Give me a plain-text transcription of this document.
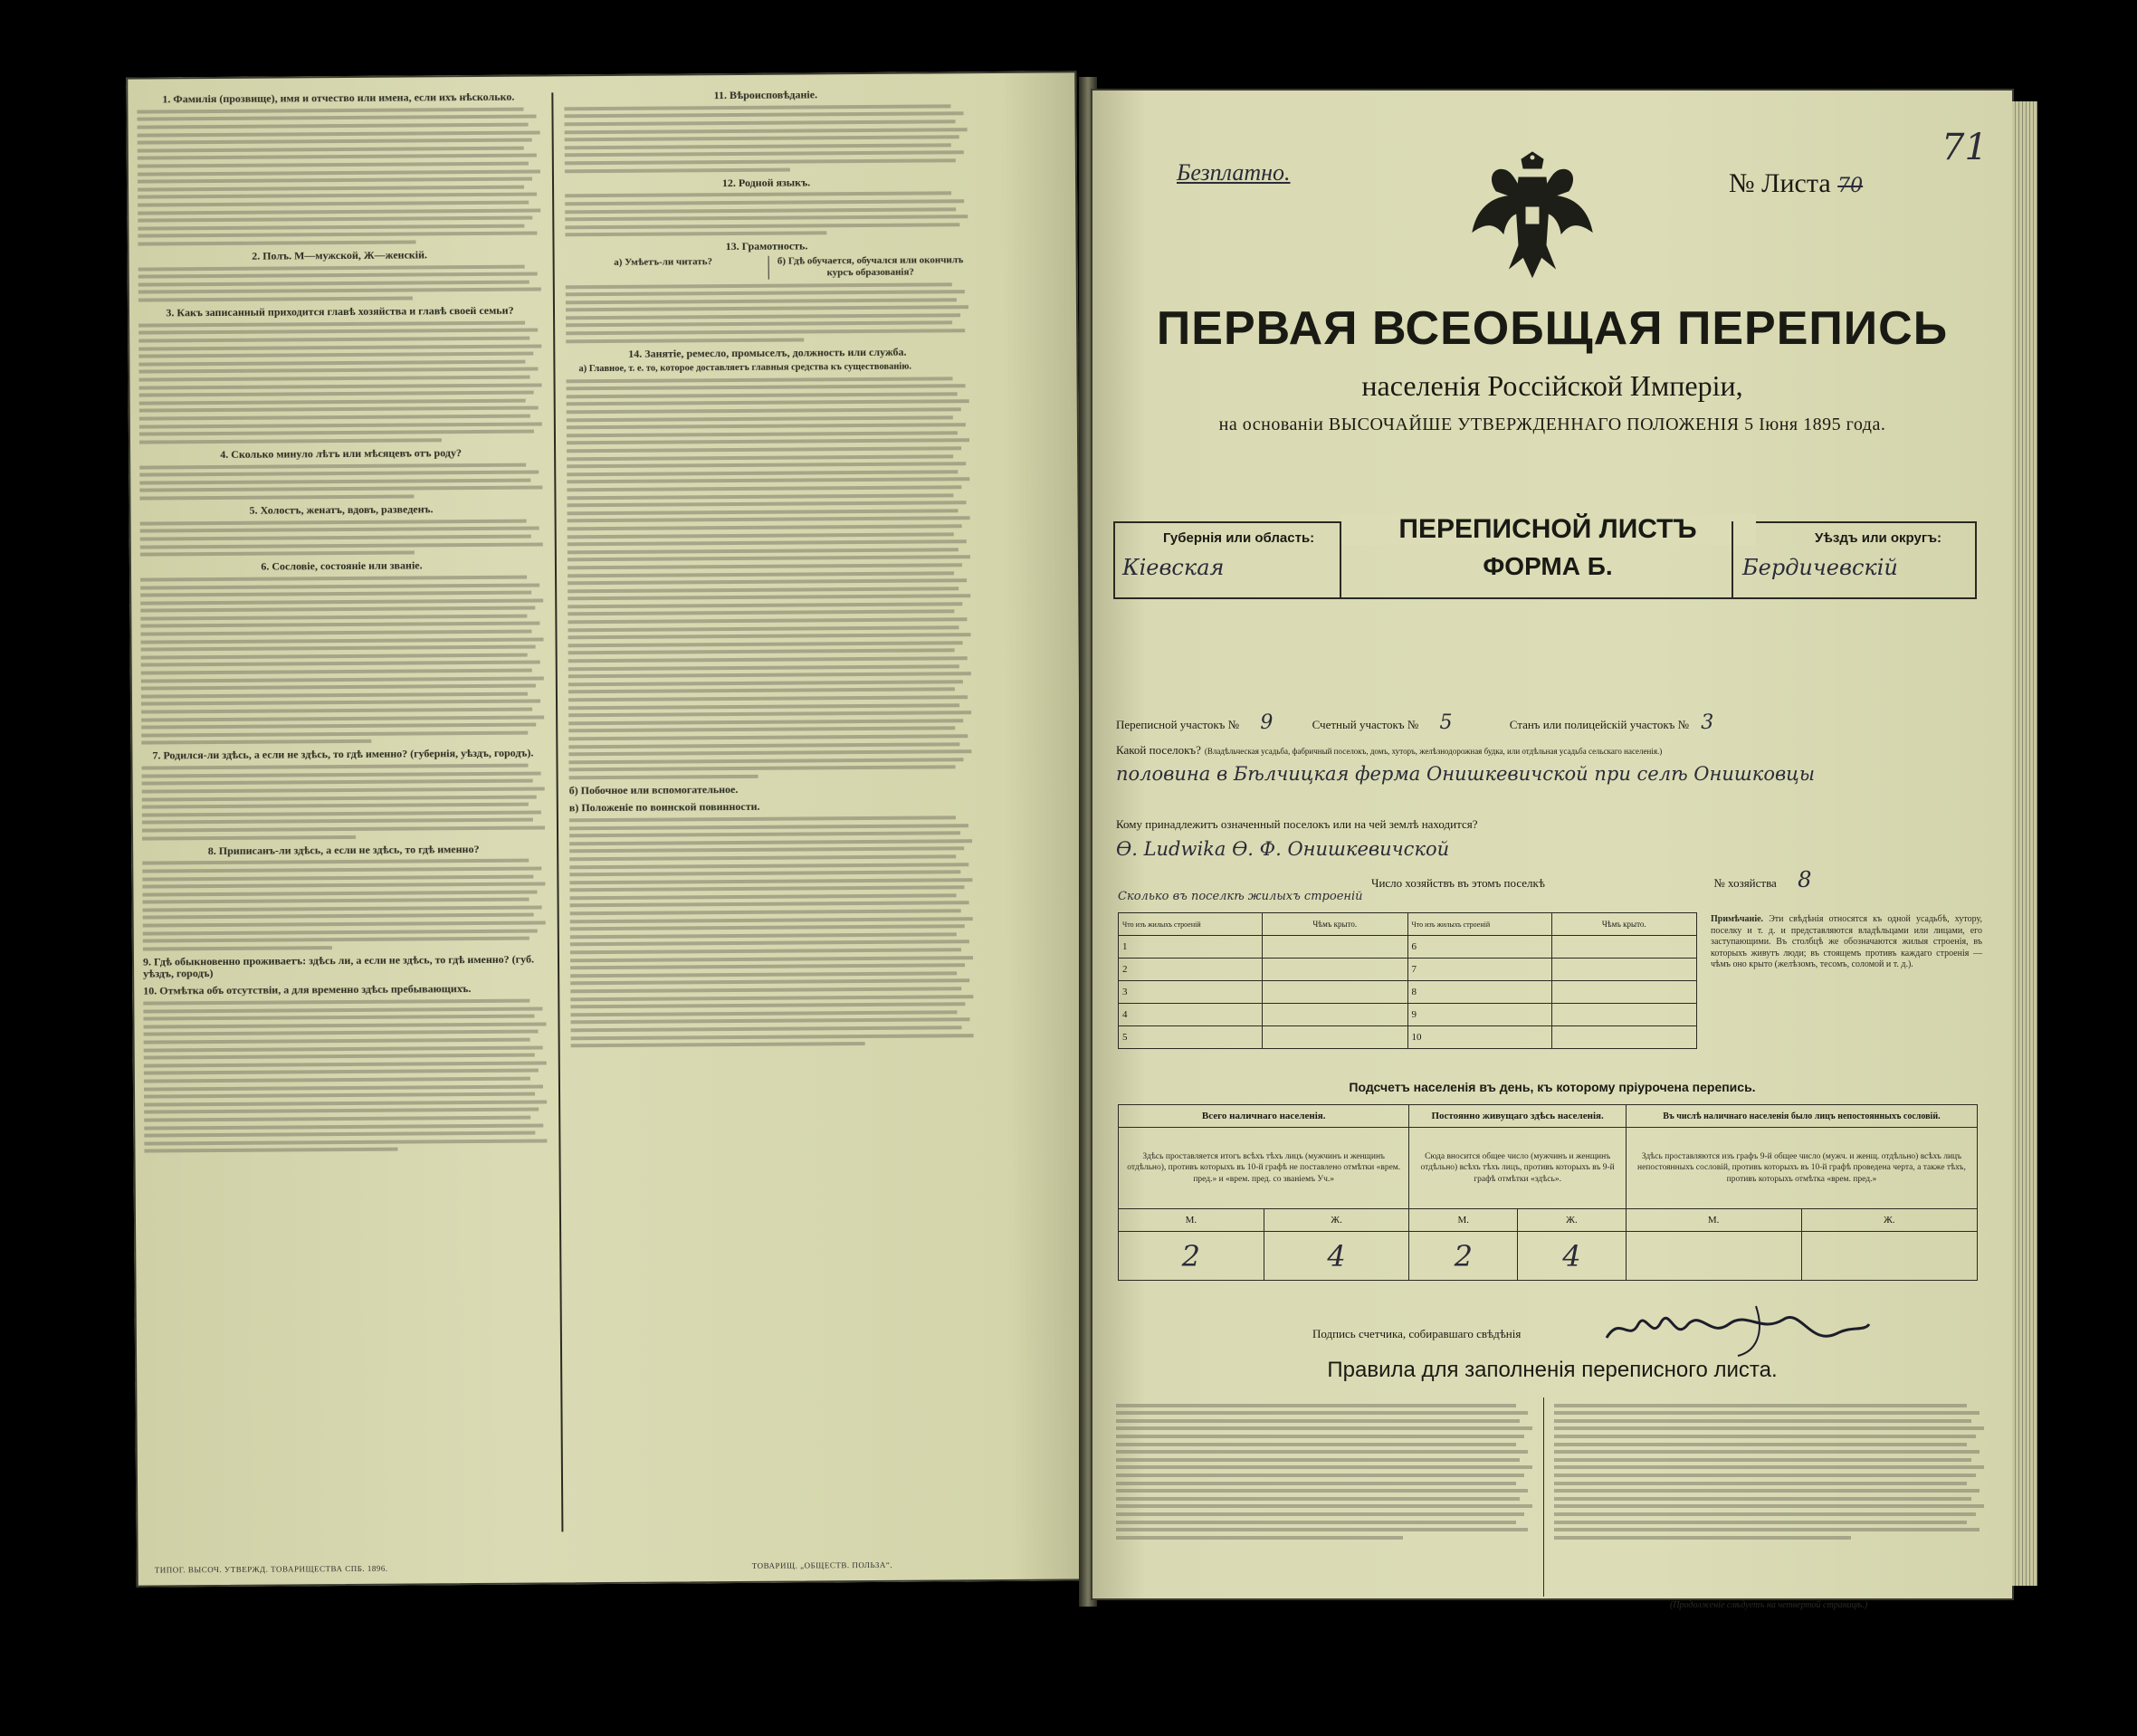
1. Фамилія (прозвище), имя и отчество или имена, если ихъ нѣсколько.

2. Полъ. М—мужской, Ж—женскій.

3. Какъ записанный приходится главѣ хозяйства и главѣ своей семьи?

4. Сколько минуло лѣтъ или мѣсяцевъ отъ роду?

5. Холостъ, женатъ, вдовъ, разведенъ.

6. Сословіе, состояніе или званіе.

7. Родился-ли здѣсь, а если не здѣсь, то гдѣ именно? (губернія, уѣздъ, городъ).

8. Приписанъ-ли здѣсь, а если не здѣсь, то гдѣ именно?

9. Гдѣ обыкновенно проживаетъ: здѣсь ли, а если не здѣсь, то гдѣ именно? (губ. уѣздъ, городъ)
10. Отмѣтка объ отсутствіи, а для временно здѣсь пребывающихъ.

11. Вѣроисповѣданіе.

12. Родной языкъ.

13. Грамотность.
а) Умѣетъ-ли читать?	б) Гдѣ обучается, обучался или окончилъ курсъ образованія?

14. Занятіе, ремесло, промыселъ, должность или служба.

а) Главное, т. е. то, которое доставляетъ главныя средства къ существованію.

б) Побочное или вспомогательное.
в) Положеніе по воинской повинности.

ТИПОГ. ВЫСОЧ. УТВЕРЖД. ТОВАРИЩЕСТВА СПБ. 1896.	ТОВАРИЩ. „ОБЩЕСТВ. ПОЛЬЗА“.
Безплатно.	№ Листа 70
71
ПЕРВАЯ ВСЕОБЩАЯ ПЕРЕПИСЬ
населенія Россійской Имперіи,
на основаніи ВЫСОЧАЙШЕ УТВЕРЖДЕННАГО ПОЛОЖЕНІЯ 5 Іюня 1895 года.
Губернія или область:
Кіевская
ПЕРЕПИСНОЙ ЛИСТЪ
ФОРМА Б.
Уѣздъ или округъ:
Бердичевскій
Переписной участокъ № 9	Счетный участокъ № 5	Станъ или полицейскій участокъ № 3
Какой поселокъ? (Владѣльческая усадьба, фабричный поселокъ, домъ, хуторъ, желѣзнодорожная будка, или отдѣльная усадьба сельскаго населенія.)
половина в Бѣлчицкая ферма Онишкевичской при селѣ Онишковцы
Кому принадлежитъ означенный поселокъ или на чей землѣ находится?
Ѳ. Ludwika Ѳ. Ф. Онишкевичской
Число хозяйствъ въ этомъ поселкѣ	№ хозяйства 8
Сколько въ поселкѣ жилыхъ строеній
Что изъ жилыхъ строеній	Чѣмъ крыто.	Что изъ жилыхъ строеній	Чѣмъ крыто.
1		6	
2		7	
3		8	
4		9	
5		10	
Примѣчаніе. Эти свѣдѣнія относятся къ одной усадьбѣ, хутору, поселку и т. д. и представляются владѣльцами или лицами, его заступающими. Въ столбцѣ же обозначаются жилыя строенія, въ которыхъ живутъ люди; въ стоящемъ противъ каждаго строенія — чѣмъ оно крыто (желѣзомъ, тесомъ, соломой и т. д.).
Подсчетъ населенія въ день, къ которому пріурочена перепись.
Всего наличнаго населенія.		Постоянно живущаго здѣсь населенія.		Въ числѣ наличнаго населенія было лицъ непостоянныхъ сословій.	
Здѣсь проставляется итогъ всѣхъ тѣхъ лицъ (мужчинъ и женщинъ отдѣльно), противъ которыхъ въ 10-й графѣ не поставлено отмѣтки «врем. пред.» и «врем. пред. со званіемъ Уч.»		Сюда вносится общее число (мужчинъ и женщинъ отдѣльно) всѣхъ тѣхъ лицъ, противъ которыхъ въ 9-й графѣ отмѣтки «здѣсь».		Здѣсь проставляются изъ графъ 9-й общее число (мужч. и женщ. отдѣльно) всѣхъ лицъ непостоянныхъ сословій, противъ которыхъ въ 10-й графѣ проведена черта, а также тѣхъ, противъ которыхъ отмѣтка «врем. пред.»	
М.	Ж.	М.	Ж.	М.	Ж.
2	4	2	4		
Подпись счетчика, собиравшаго свѣдѣнія
Правила для заполненія переписного листа.
(Продолженіе слѣдуетъ на четвертой страницѣ.)
